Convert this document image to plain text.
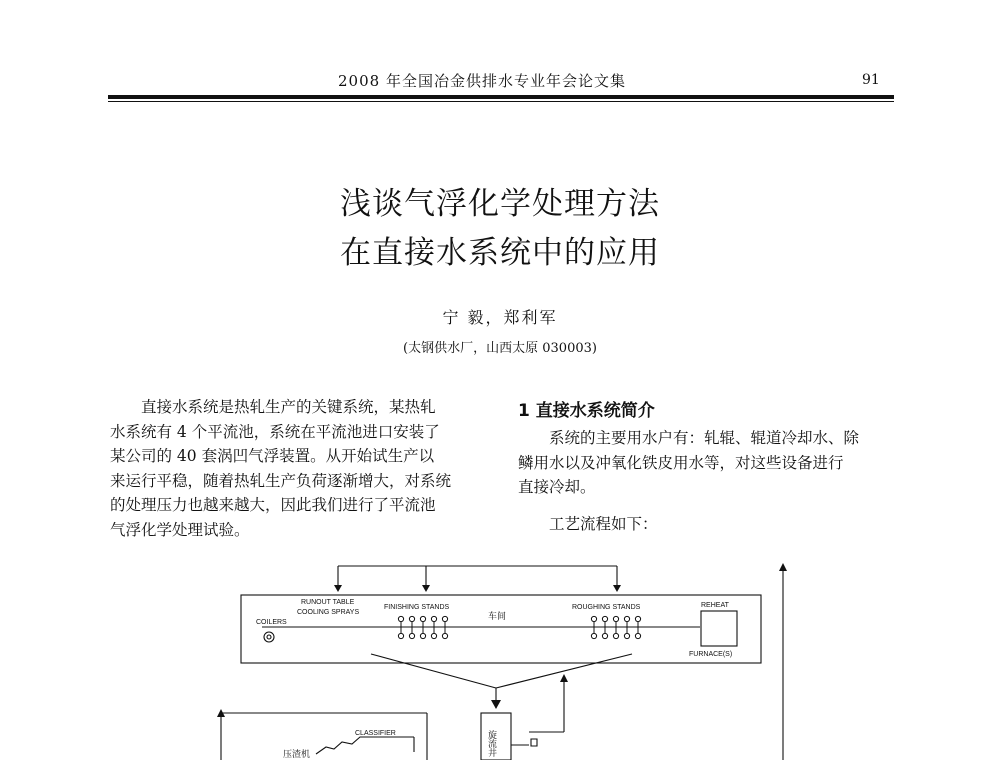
2008 年全国冶金供排水专业年会论文集	91
浅谈气浮化学处理方法
在直接水系统中的应用
宁 毅，郑利军
(太钢供水厂，山西太原 030003)
直接水系统是热轧生产的关键系统，某热轧
水系统有 4 个平流池，系统在平流池进口安装了
某公司的 40 套涡凹气浮装置。从开始试生产以
来运行平稳，随着热轧生产负荷逐渐增大，对系统
的处理压力也越来越大，因此我们进行了平流池
气浮化学处理试验。
1 直接水系统简介
系统的主要用水户有：轧辊、辊道冷却水、除
鳞用水以及冲氧化铁皮用水等，对这些设备进行
直接冷却。
工艺流程如下：
RUNOUT TABLE
COOLING SPRAYS
COILERS
FINISHING STANDS
车间
ROUGHING STANDS	REHEAT
FURNACE(S)
CLASSIFIER
压渣机	旋流井
